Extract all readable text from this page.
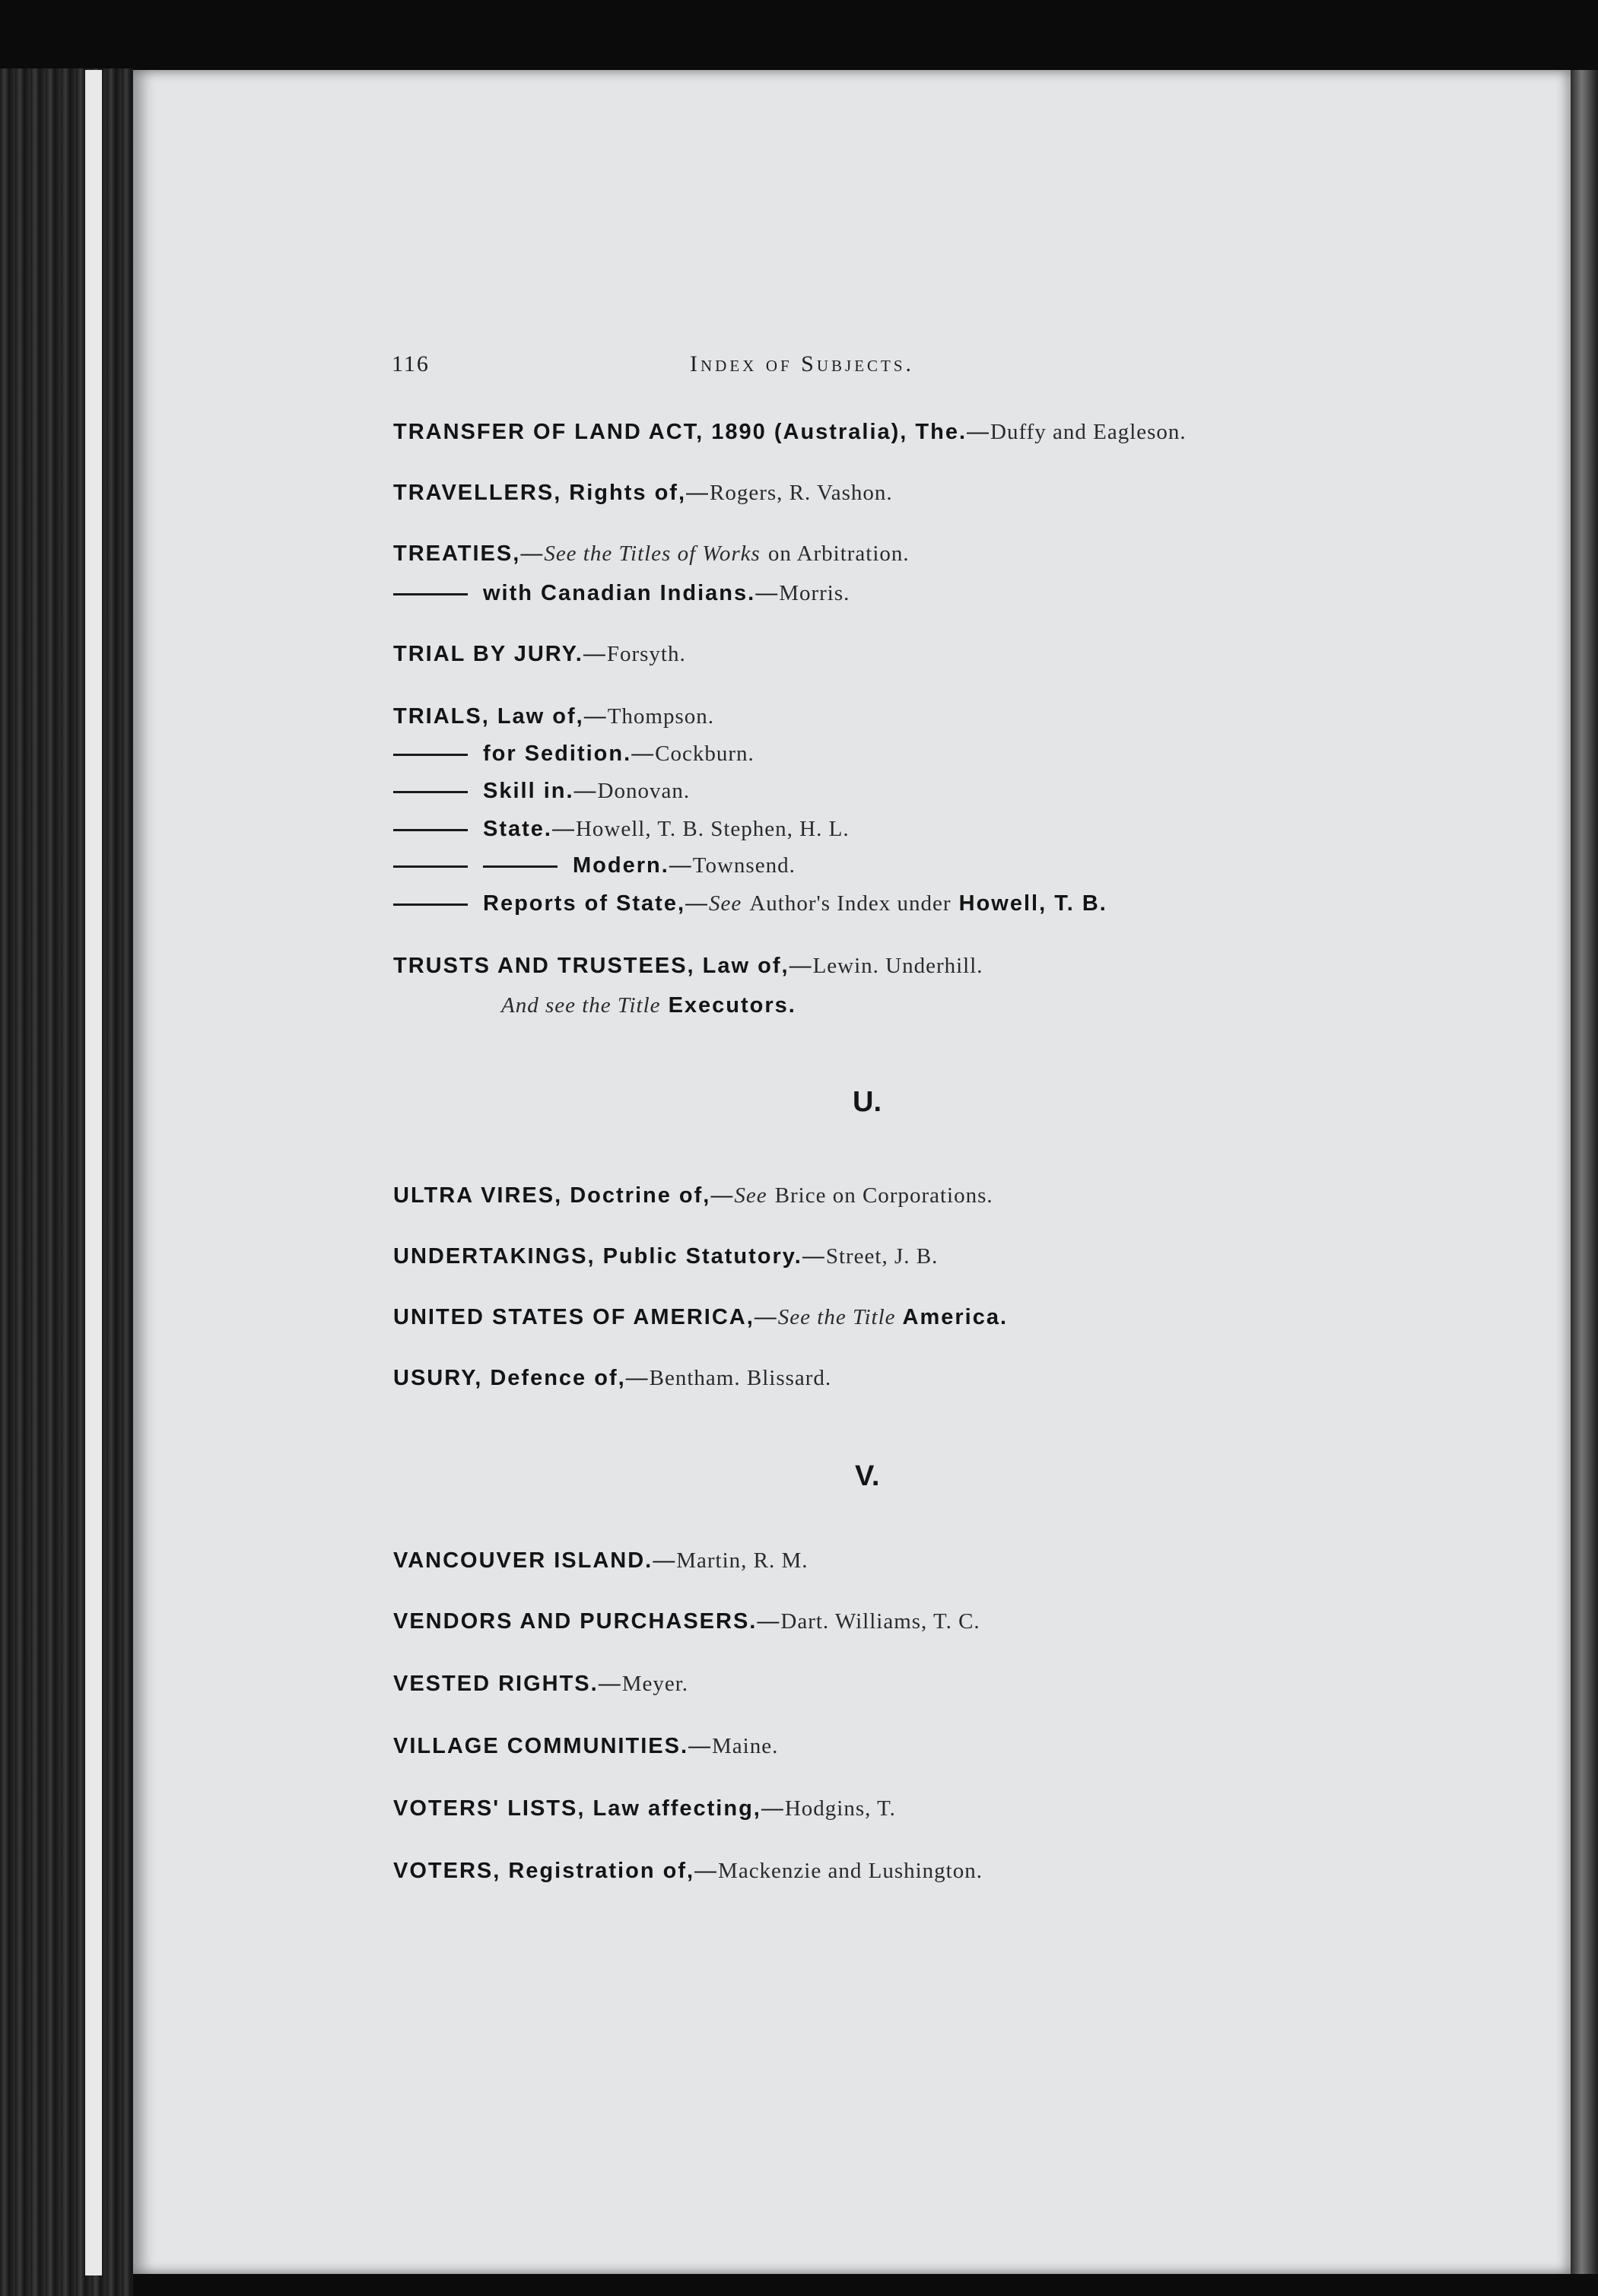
116	Index of Subjects.
TRANSFER OF LAND ACT, 1890 (Australia), The.—Duffy and Eagleson.
TRAVELLERS, Rights of,—Rogers, R. Vashon.
TREATIES,—See the Titles of Works on Arbitration.
with Canadian Indians.—Morris.
TRIAL BY JURY.—Forsyth.
TRIALS, Law of,—Thompson.
for Sedition.—Cockburn.
Skill in.—Donovan.
State.—Howell, T. B. Stephen, H. L.
Modern.—Townsend.
Reports of State,—See Author's Index under Howell, T. B.
TRUSTS AND TRUSTEES, Law of,—Lewin. Underhill.
And see the Title Executors.
U.
ULTRA VIRES, Doctrine of,—See Brice on Corporations.
UNDERTAKINGS, Public Statutory.—Street, J. B.
UNITED STATES OF AMERICA,—See the Title America.
USURY, Defence of,—Bentham. Blissard.
V.
VANCOUVER ISLAND.—Martin, R. M.
VENDORS AND PURCHASERS.—Dart. Williams, T. C.
VESTED RIGHTS.—Meyer.
VILLAGE COMMUNITIES.—Maine.
VOTERS' LISTS, Law affecting,—Hodgins, T.
VOTERS, Registration of,—Mackenzie and Lushington.
